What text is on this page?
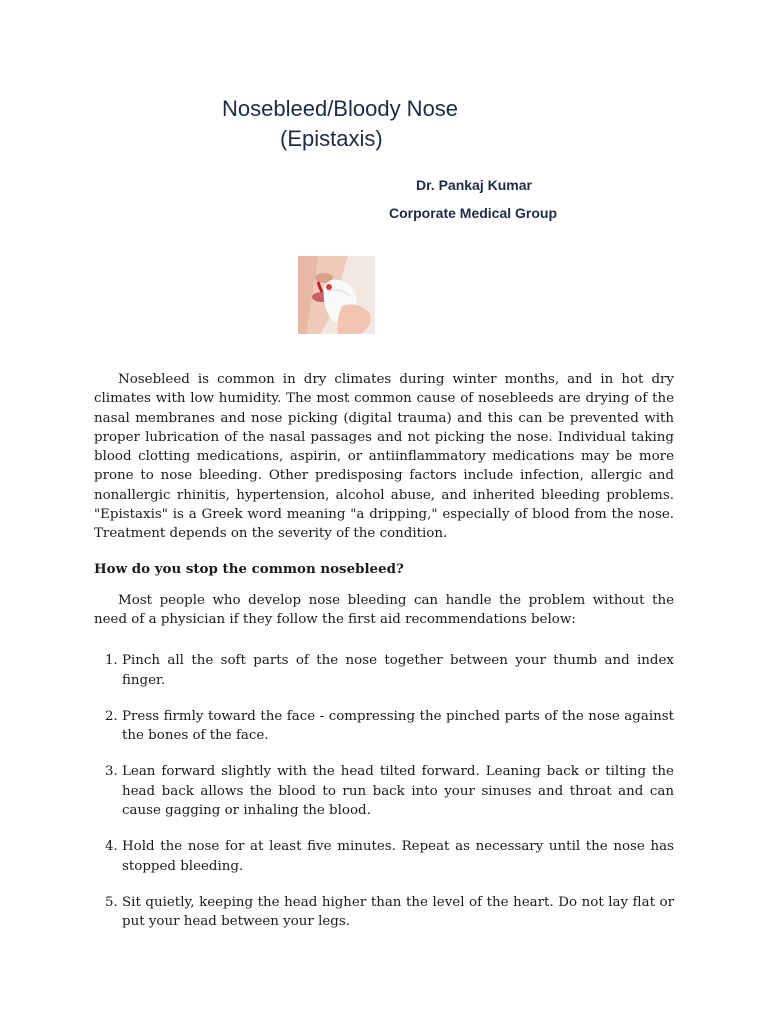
Nosebleed/Bloody Nose
(Epistaxis)
Dr. Pankaj Kumar
Corporate Medical Group

Nosebleed is common in dry climates during winter months, and in hot dry climates with low humidity. The most common cause of nosebleeds are drying of the nasal membranes and nose picking (digital trauma) and this can be prevented with proper lubrication of the nasal passages and not picking the nose. Individual taking blood clotting medications, aspirin, or antiinflammatory medications may be more prone to nose bleeding. Other predisposing factors include infection, allergic and nonallergic rhinitis, hypertension, alcohol abuse, and inherited bleeding problems. "Epistaxis" is a Greek word meaning "a dripping," especially of blood from the nose. Treatment depends on the severity of the condition.

How do you stop the common nosebleed?

Most people who develop nose bleeding can handle the problem without the need of a physician if they follow the first aid recommendations below:

1. Pinch all the soft parts of the nose together between your thumb and index finger.
2. Press firmly toward the face - compressing the pinched parts of the nose against the bones of the face.
3. Lean forward slightly with the head tilted forward. Leaning back or tilting the head back allows the blood to run back into your sinuses and throat and can cause gagging or inhaling the blood.
4. Hold the nose for at least five minutes. Repeat as necessary until the nose has stopped bleeding.
5. Sit quietly, keeping the head higher than the level of the heart. Do not lay flat or put your head between your legs.
